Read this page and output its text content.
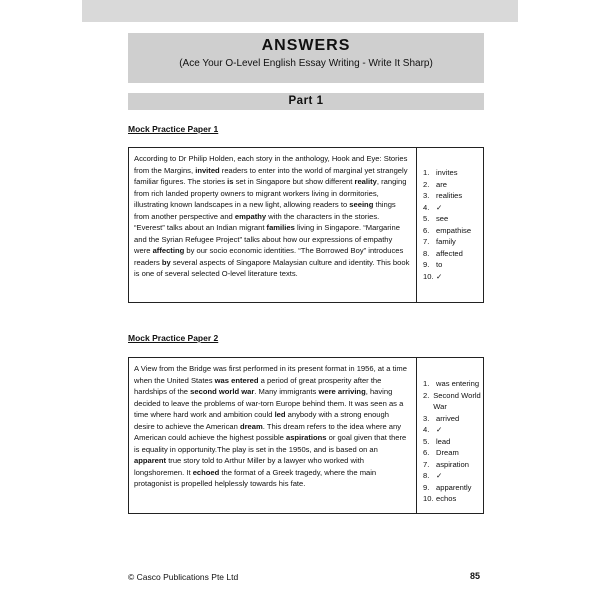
ANSWERS
(Ace Your O-Level English Essay Writing - Write It Sharp)
Part 1
Mock Practice Paper 1
According to Dr Philip Holden, each story in the anthology, Hook and Eye: Stories from the Margins, invited readers to enter into the world of marginal yet strangely familiar figures. The stories is set in Singapore but show different reality, ranging from rich landed property owners to migrant workers living in dormitories, illustrating known landscapes in a new light, allowing readers to seeing things from another perspective and empathy with the characters in the stories. “Everest” talks about an Indian migrant families living in Singapore. “Margarine and the Syrian Refugee Project” talks about how our expressions of empathy were affecting by our socio economic identities. “The Borrowed Boy” introduces readers by several aspects of Singapore Malaysian culture and identity. This book is one of several selected O-level literature texts.
1. invites
2. are
3. realities
4. ✓
5. see
6. empathise
7. family
8. affected
9. to
10. ✓
Mock Practice Paper 2
A View from the Bridge was first performed in its present format in 1956, at a time when the United States was entered a period of great prosperity after the hardships of the second world war. Many immigrants were arriving, having decided to leave the problems of war-torn Europe behind them. It was seen as a time where hard work and ambition could led anybody with a strong enough desire to achieve the American dream. This dream refers to the idea where any American could achieve the highest possible aspirations or goal given that there is equality in opportunity.The play is set in the 1950s, and is based on an apparent true story told to Arthur Miller by a lawyer who worked with longshoremen. It echoed the format of a Greek tragedy, where the main protagonist is propelled helplessly towards his fate.
1. was entering
2. Second World War
3. arrived
4. ✓
5. lead
6. Dream
7. aspiration
8. ✓
9. apparently
10. echos
© Casco Publications Pte Ltd	85
